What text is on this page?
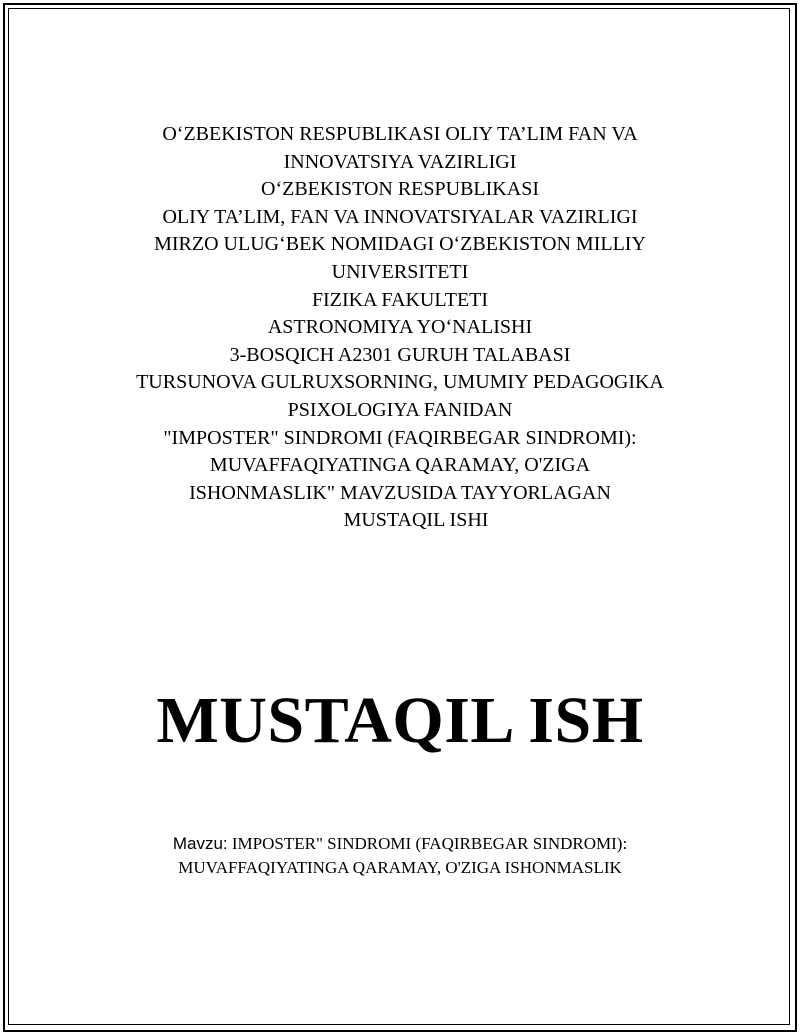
O‘ZBEKISTON RESPUBLIKASI OLIY TA’LIM FAN VA
INNOVATSIYA VAZIRLIGI
O‘ZBEKISTON RESPUBLIKASI
OLIY TA’LIM, FAN VA INNOVATSIYALAR VAZIRLIGI
MIRZO ULUG‘BEK NOMIDAGI O‘ZBEKISTON MILLIY
UNIVERSITETI
FIZIKA FAKULTETI
ASTRONOMIYA YO‘NALISHI
3-BOSQICH A2301 GURUH TALABASI
TURSUNOVA GULRUXSORNING, UMUMIY PEDAGOGIKA
PSIXOLOGIYA FANIDAN
"IMPOSTER" SINDROMI (FAQIRBEGAR SINDROMI):
MUVAFFAQIYATINGA QARAMAY, O'ZIGA
ISHONMASLIK" MAVZUSIDA TAYYORLAGAN
MUSTAQIL ISHI
MUSTAQIL ISH
Mavzu: IMPOSTER" SINDROMI (FAQIRBEGAR SINDROMI):
MUVAFFAQIYATINGA QARAMAY, O'ZIGA ISHONMASLIK
